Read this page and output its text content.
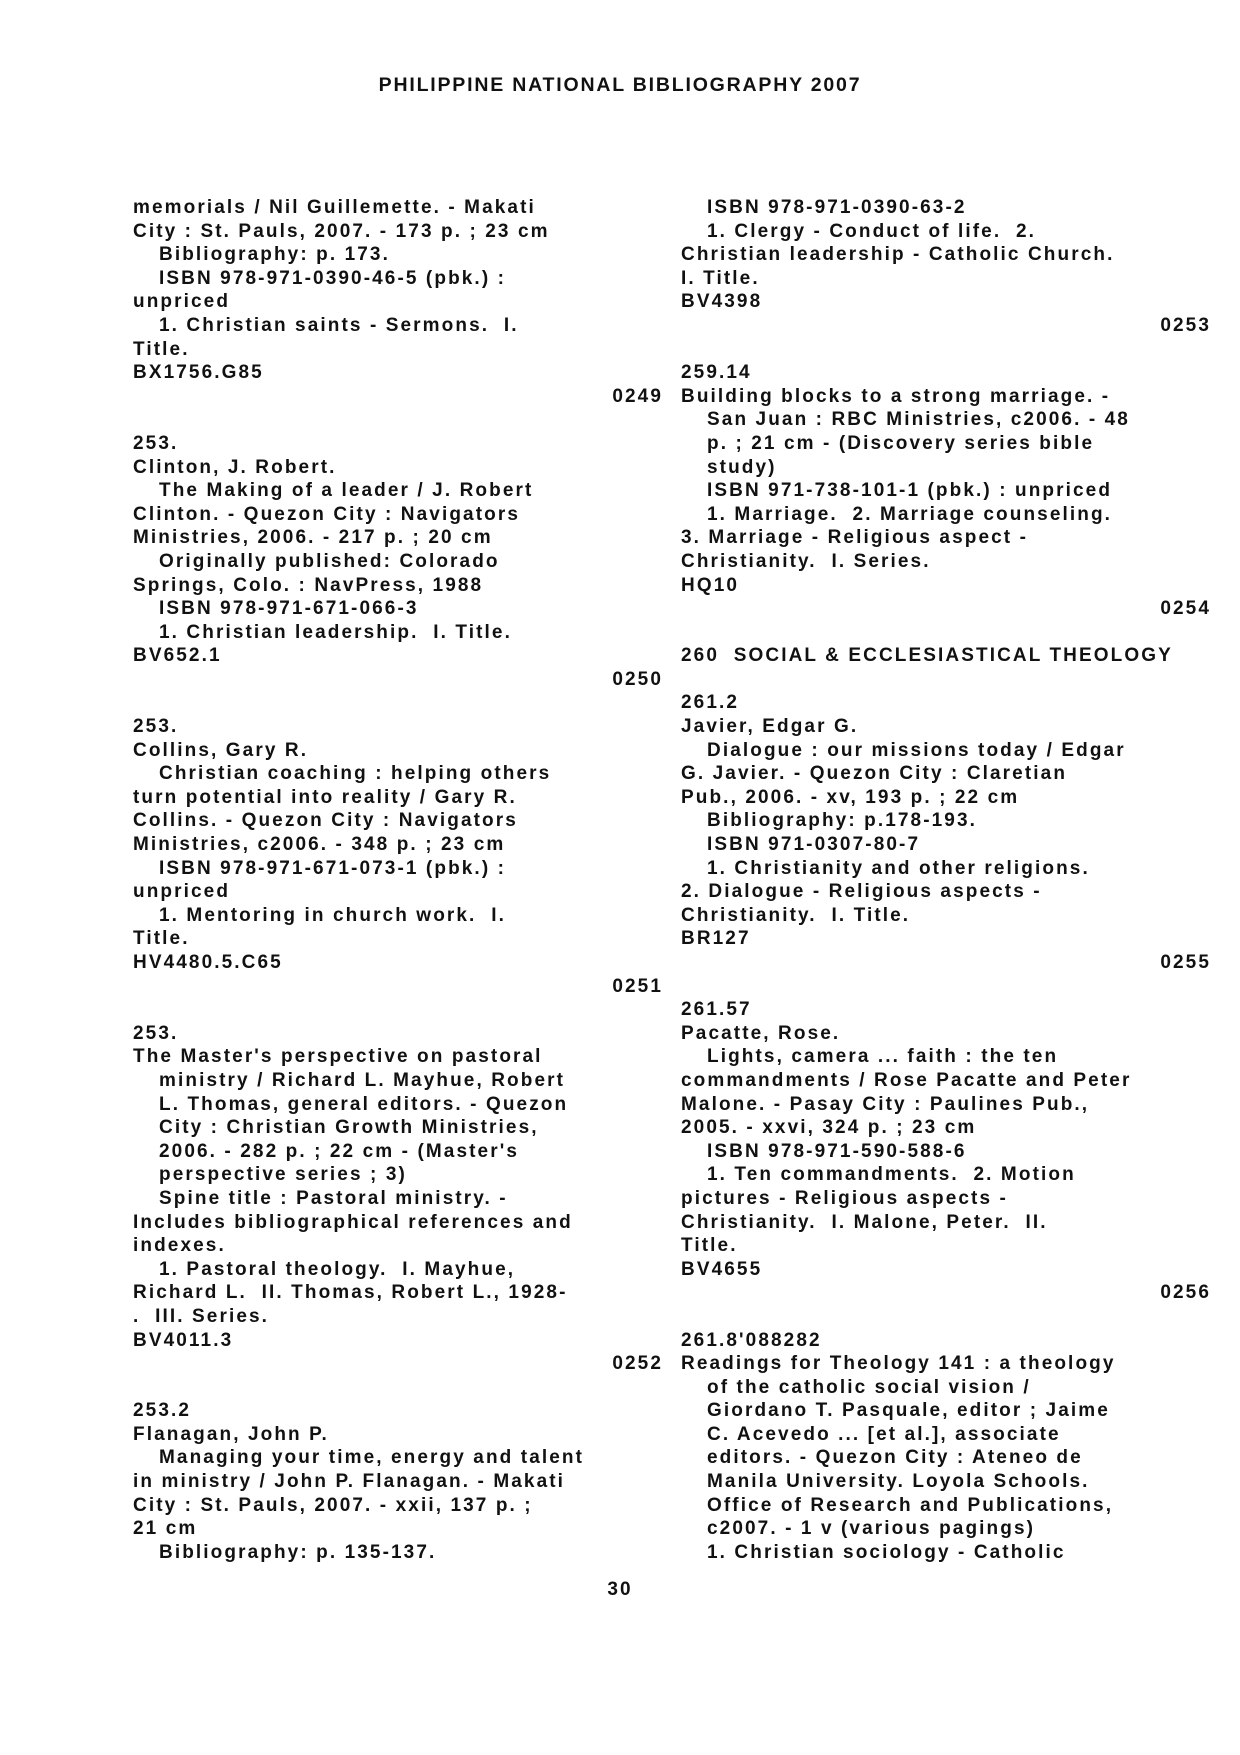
PHILIPPINE NATIONAL BIBLIOGRAPHY 2007
memorials / Nil Guillemette. - Makati
City : St. Pauls, 2007. - 173 p. ; 23 cm
Bibliography: p. 173.
ISBN 978-971-0390-46-5 (pbk.) :
unpriced
1. Christian saints - Sermons.  I.
Title.
BX1756.G85
0249
253.
Clinton, J. Robert.
The Making of a leader / J. Robert
Clinton. - Quezon City : Navigators
Ministries, 2006. - 217 p. ; 20 cm
Originally published: Colorado
Springs, Colo. : NavPress, 1988
ISBN 978-971-671-066-3
1. Christian leadership.  I. Title.
BV652.1
0250
253.
Collins, Gary R.
Christian coaching : helping others
turn potential into reality / Gary R.
Collins. - Quezon City : Navigators
Ministries, c2006. - 348 p. ; 23 cm
ISBN 978-971-671-073-1 (pbk.) :
unpriced
1. Mentoring in church work.  I.
Title.
HV4480.5.C65
0251
253.
The Master's perspective on pastoral
ministry / Richard L. Mayhue, Robert
L. Thomas, general editors. - Quezon
City : Christian Growth Ministries,
2006. - 282 p. ; 22 cm - (Master's
perspective series ; 3)
Spine title : Pastoral ministry. -
Includes bibliographical references and
indexes.
1. Pastoral theology.  I. Mayhue,
Richard L.  II. Thomas, Robert L., 1928-
.  III. Series.
BV4011.3
0252
253.2
Flanagan, John P.
Managing your time, energy and talent
in ministry / John P. Flanagan. - Makati
City : St. Pauls, 2007. - xxii, 137 p. ;
21 cm
Bibliography: p. 135-137.
ISBN 978-971-0390-63-2
1. Clergy - Conduct of life.  2.
Christian leadership - Catholic Church.
I. Title.
BV4398
0253
259.14
Building blocks to a strong marriage. -
San Juan : RBC Ministries, c2006. - 48
p. ; 21 cm - (Discovery series bible
study)
ISBN 971-738-101-1 (pbk.) : unpriced
1. Marriage.  2. Marriage counseling.
3. Marriage - Religious aspect -
Christianity.  I. Series.
HQ10
0254
260  SOCIAL & ECCLESIASTICAL THEOLOGY
261.2
Javier, Edgar G.
Dialogue : our missions today / Edgar
G. Javier. - Quezon City : Claretian
Pub., 2006. - xv, 193 p. ; 22 cm
Bibliography: p.178-193.
ISBN 971-0307-80-7
1. Christianity and other religions.
2. Dialogue - Religious aspects -
Christianity.  I. Title.
BR127
0255
261.57
Pacatte, Rose.
Lights, camera ... faith : the ten
commandments / Rose Pacatte and Peter
Malone. - Pasay City : Paulines Pub.,
2005. - xxvi, 324 p. ; 23 cm
ISBN 978-971-590-588-6
1. Ten commandments.  2. Motion
pictures - Religious aspects -
Christianity.  I. Malone, Peter.  II.
Title.
BV4655
0256
261.8'088282
Readings for Theology 141 : a theology
of the catholic social vision /
Giordano T. Pasquale, editor ; Jaime
C. Acevedo ... [et al.], associate
editors. - Quezon City : Ateneo de
Manila University. Loyola Schools.
Office of Research and Publications,
c2007. - 1 v (various pagings)
1. Christian sociology - Catholic
30
